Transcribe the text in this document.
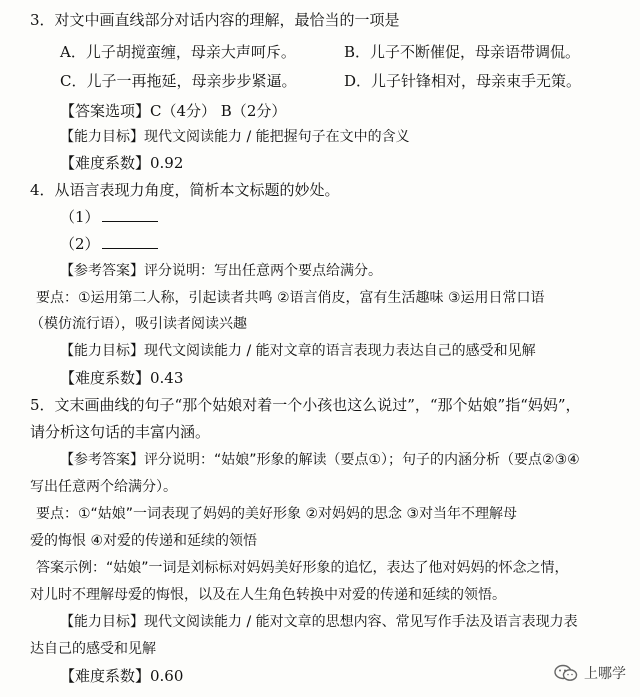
3．对文中画直线部分对话内容的理解，最恰当的一项是
A．儿子胡搅蛮缠，母亲大声呵斥。	B．儿子不断催促，母亲语带调侃。
C．儿子一再拖延，母亲步步紧逼。	D．儿子针锋相对，母亲束手无策。
【答案选项】C（4分） B（2分）
【能力目标】现代文阅读能力 / 能把握句子在文中的含义
【难度系数】0.92
4．从语言表现力角度，简析本文标题的妙处。
（1）
（2）
【参考答案】评分说明：写出任意两个要点给满分。
要点：①运用第二人称，引起读者共鸣 ②语言俏皮，富有生活趣味 ③运用日常口语
（模仿流行语），吸引读者阅读兴趣
【能力目标】现代文阅读能力 / 能对文章的语言表现力表达自己的感受和见解
【难度系数】0.43
5．文末画曲线的句子“那个姑娘对着一个小孩也这么说过”，“那个姑娘”指“妈妈”，
请分析这句话的丰富内涵。
【参考答案】评分说明：“姑娘”形象的解读（要点①）；句子的内涵分析（要点②③④
写出任意两个给满分）。
要点：①“姑娘”一词表现了妈妈的美好形象 ②对妈妈的思念 ③对当年不理解母
爱的悔恨 ④对爱的传递和延续的领悟
答案示例：“姑娘”一词是刘标标对妈妈美好形象的追忆，表达了他对妈妈的怀念之情，
对儿时不理解母爱的悔恨，以及在人生角色转换中对爱的传递和延续的领悟。
【能力目标】现代文阅读能力 / 能对文章的思想内容、常见写作手法及语言表现力表
达自己的感受和见解
【难度系数】0.60	上哪学
